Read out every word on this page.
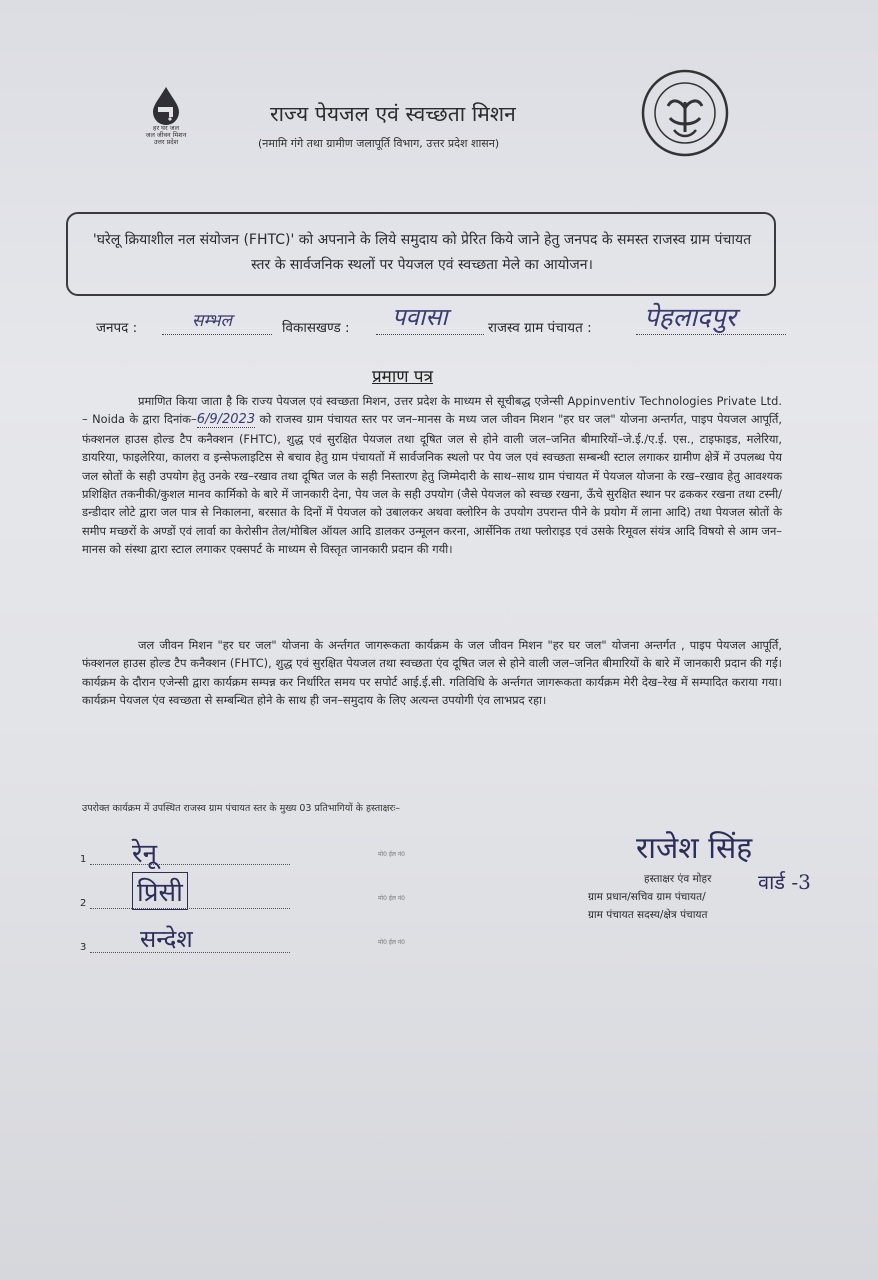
हर घर जल
जल जीवन मिशन
उत्तर प्रदेश
राज्य पेयजल एवं स्वच्छता मिशन
(नमामि गंगे तथा ग्रामीण जलापूर्ति विभाग, उत्तर प्रदेश शासन)
'घरेलू क्रियाशील नल संयोजन (FHTC)' को अपनाने के लिये समुदाय को प्रेरित किये जाने हेतु जनपद के समस्त राजस्व ग्राम पंचायत स्तर के सार्वजनिक स्थलों पर पेयजल एवं स्वच्छता मेले का आयोजन।
जनपद :	सम्भल	विकासखण्ड : पवासा	राजस्व ग्राम पंचायत : पेहलादपुर
प्रमाण पत्र
प्रमाणित किया जाता है कि राज्य पेयजल एवं स्वच्छता मिशन, उत्तर प्रदेश के माध्यम से सूचीबद्ध एजेन्सी Appinventiv Technologies Private Ltd. – Noida के द्वारा दिनांक–6/9/2023 को राजस्व ग्राम पंचायत स्तर पर जन–मानस के मध्य जल जीवन मिशन "हर घर जल" योजना अन्तर्गत, पाइप पेयजल आपूर्ति, फंक्शनल हाउस होल्ड टैप कनैक्शन (FHTC), शुद्ध एवं सुरक्षित पेयजल तथा दूषित जल से होने वाली जल–जनित बीमारियों–जे.ई./ए.ई. एस., टाइफाइड, मलेरिया, डायरिया, फाइलेरिया, कालरा व इन्सेफलाइटिस से बचाव हेतु ग्राम पंचायतों में सार्वजनिक स्थलो पर पेय जल एवं स्वच्छता सम्बन्धी स्टाल लगाकर ग्रामीण क्षेत्रें में उपलब्ध पेय जल स्रोतों के सही उपयोग हेतु उनके रख–रखाव तथा दूषित जल के सही निस्तारण हेतु जिम्मेदारी के साथ–साथ ग्राम पंचायत में पेयजल योजना के रख–रखाव हेतु आवश्यक प्रशिक्षित तकनीकी/कुशल मानव कार्मिको के बारे में जानकारी देना, पेय जल के सही उपयोग (जैसे पेयजल को स्वच्छ रखना, ऊँचे सुरक्षित स्थान पर ढककर रखना तथा टस्नी/डन्डीदार लोटे द्वारा जल पात्र से निकालना, बरसात के दिनों में पेयजल को उबालकर अथवा क्लोरिन के उपयोग उपरान्त पीने के प्रयोग में लाना आदि) तथा पेयजल स्रोतों के समीप मच्छरों के अण्डों एवं लार्वा का केरोसीन तेल/मोबिल ऑयल आदि डालकर उन्मूलन करना, आर्सेनिक तथा फ्लोराइड एवं उसके रिमूवल संयंत्र आदि विषयो से आम जन–मानस को संस्था द्वारा स्टाल लगाकर एक्सपर्ट के माध्यम से विस्तृत जानकारी प्रदान की गयी।
जल जीवन मिशन "हर घर जल" योजना के अर्न्तगत जागरूकता कार्यक्रम के जल जीवन मिशन "हर घर जल" योजना अन्तर्गत , पाइप पेयजल आपूर्ति, फंक्शनल हाउस होल्ड टैप कनैक्शन (FHTC), शुद्ध एवं सुरक्षित पेयजल तथा स्वच्छता एंव दूषित जल से होने वाली जल–जनित बीमारियों के बारे में जानकारी प्रदान की गई। कार्यक्रम के दौरान एजेन्सी द्वारा कार्यक्रम सम्पन्न कर निर्धारित समय पर सपोर्ट आई.ई.सी. गतिविधि के अर्न्तगत जागरूकता कार्यक्रम मेरी देख–रेख में सम्पादित कराया गया। कार्यक्रम पेयजल एंव स्वच्छता से सम्बन्धित होने के साथ ही जन–समुदाय के लिए अत्यन्त उपयोगी एंव लाभप्रद रहा।
उपरोक्त कार्यक्रम में उपस्थित राजस्व ग्राम पंचायत स्तर के मुख्य 03 प्रतिभागियों के हस्ताक्षरः–
1 रेनू	मो0 ईल नं0
2 प्रिसी	मो0 ईल नं0
3 सन्देश	मो0 ईल नं0
राजेश सिंह
वार्ड -3
हस्ताक्षर एंव मोहर
ग्राम प्रधान/सचिव ग्राम पंचायत/
ग्राम पंचायत सदस्य/क्षेत्र पंचायत
